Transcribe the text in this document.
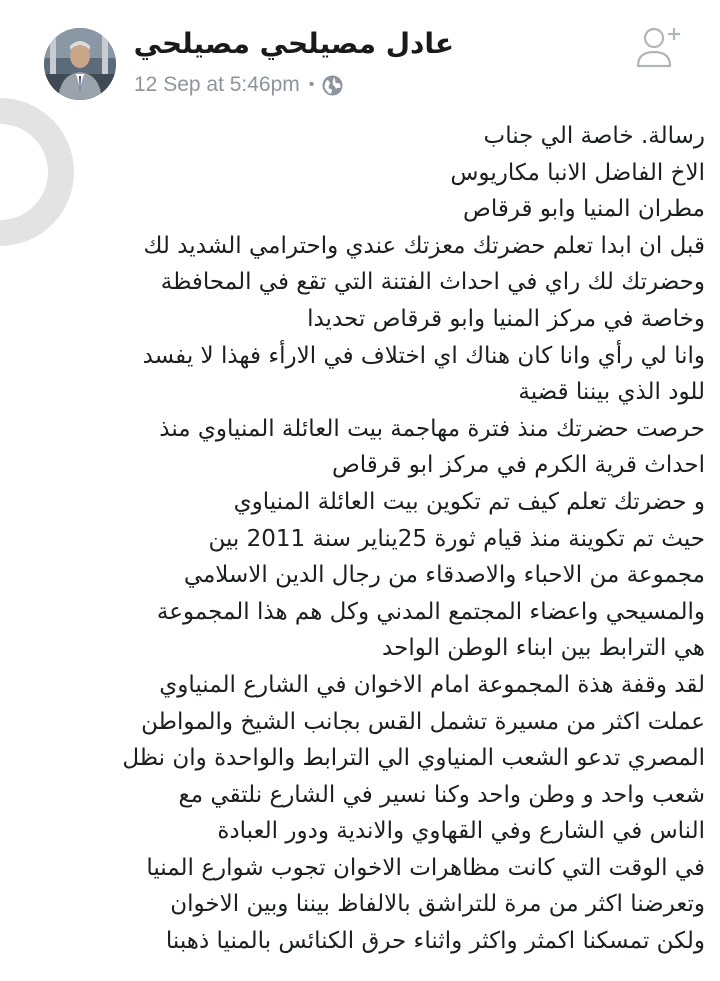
عادل مصيلحي مصيلحي
12 Sep at 5:46pm •
رسالة. خاصة الي جناب
الاخ الفاضل الانبا مكاريوس
مطران المنيا وابو قرقاص
قبل ان ابدا تعلم حضرتك معزتك عندي واحترامي الشديد لك
وحضرتك لك راي في احداث الفتنة التي تقع في المحافظة
وخاصة في مركز المنيا وابو قرقاص تحديدا
وانا لي رأي وانا كان هناك اي اختلاف في الارأء فهذا لا يفسد
للود الذي بيننا قضية
حرصت حضرتك منذ فترة مهاجمة بيت العائلة المنياوي منذ
احداث قرية الكرم في مركز ابو قرقاص
و حضرتك تعلم كيف تم تكوين بيت العائلة المنياوي
حيث تم تكوينة منذ قيام ثورة 25يناير سنة 2011 بين
مجموعة من الاحباء والاصدقاء من رجال الدين الاسلامي
والمسيحي واعضاء المجتمع المدني وكل هم هذا المجموعة
هي الترابط بين ابناء الوطن الواحد
لقد وقفة هذة المجموعة امام الاخوان في الشارع المنياوي
عملت اكثر من مسيرة تشمل القس بجانب الشيخ والمواطن
المصري تدعو الشعب المنياوي الي الترابط والواحدة وان نظل
شعب واحد و وطن واحد وكنا نسير في الشارع نلتقي مع
الناس في الشارع وفي القهاوي والاندية ودور العبادة
في الوقت التي كانت مظاهرات الاخوان تجوب شوارع المنيا
وتعرضنا اكثر من مرة للتراشق بالالفاظ بيننا وبين الاخوان
ولكن تمسكنا اكمثر واكثر واثناء حرق الكنائس بالمنيا ذهبنا
